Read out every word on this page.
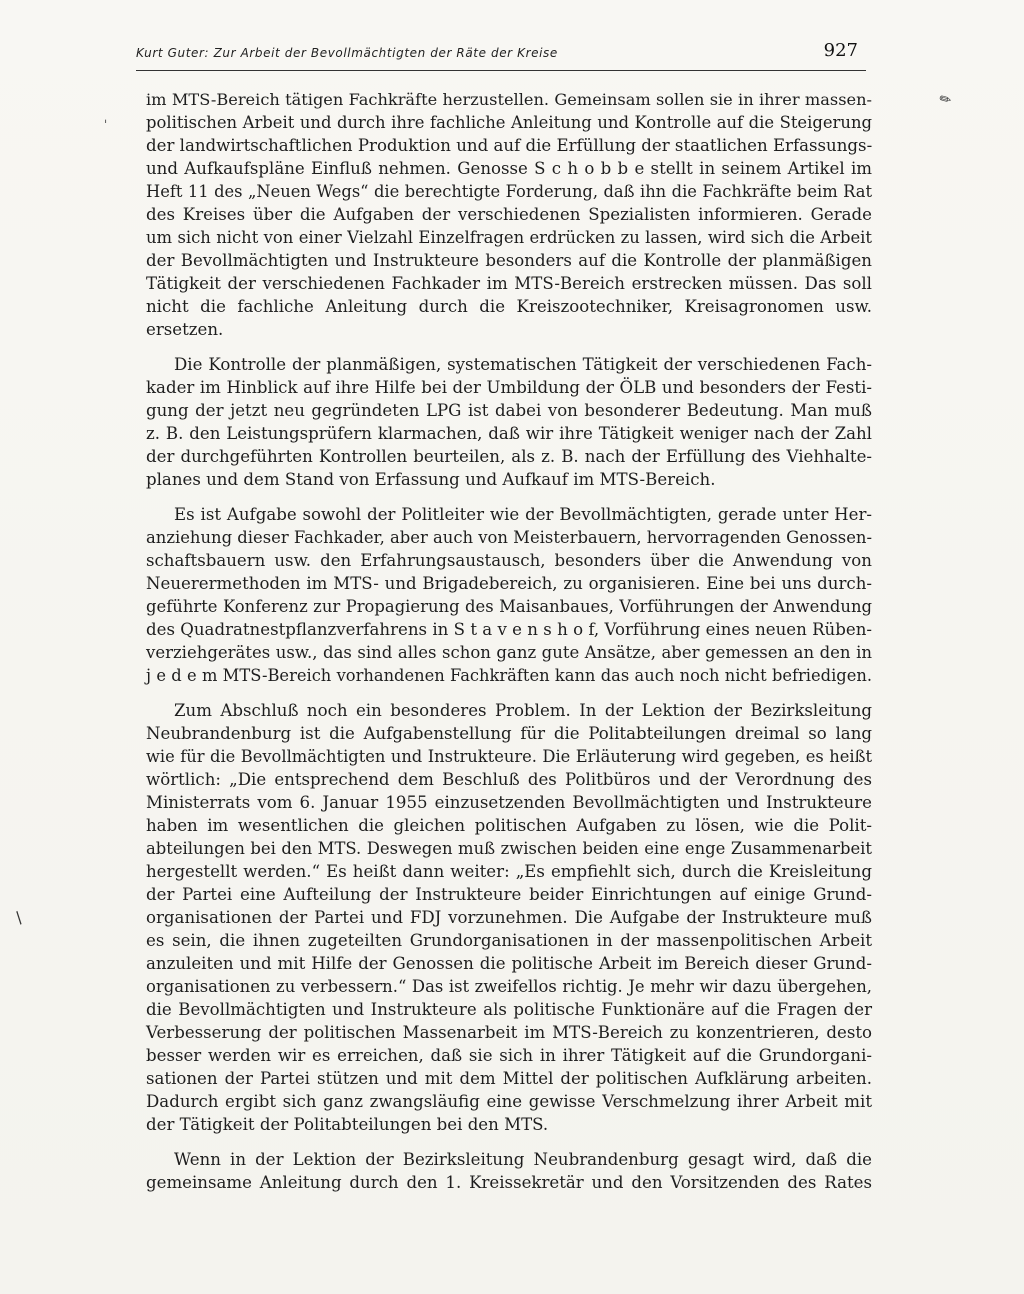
Kurt Guter: Zur Arbeit der Bevollmächtigten der Räte der Kreise	927
✎
ˈ
/

im MTS-Bereich tätigen Fachkräfte herzustellen. Gemeinsam sollen sie in ihrer massen-
politischen Arbeit und durch ihre fachliche Anleitung und Kontrolle auf die Steigerung
der landwirtschaftlichen Produktion und auf die Erfüllung der staatlichen Erfassungs-
und Aufkaufspläne Einfluß nehmen. Genosse S c h o b b e stellt in seinem Artikel im
Heft 11 des „Neuen Wegs“ die berechtigte Forderung, daß ihn die Fachkräfte beim Rat
des Kreises über die Aufgaben der verschiedenen Spezialisten informieren. Gerade
um sich nicht von einer Vielzahl Einzelfragen erdrücken zu lassen, wird sich die Arbeit
der Bevollmächtigten und Instrukteure besonders auf die Kontrolle der planmäßigen
Tätigkeit der verschiedenen Fachkader im MTS-Bereich erstrecken müssen. Das soll
nicht die fachliche Anleitung durch die Kreiszootechniker, Kreisagronomen usw.
ersetzen.

Die Kontrolle der planmäßigen, systematischen Tätigkeit der verschiedenen Fach-
kader im Hinblick auf ihre Hilfe bei der Umbildung der ÖLB und besonders der Festi-
gung der jetzt neu gegründeten LPG ist dabei von besonderer Bedeutung. Man muß
z. B. den Leistungsprüfern klarmachen, daß wir ihre Tätigkeit weniger nach der Zahl
der durchgeführten Kontrollen beurteilen, als z. B. nach der Erfüllung des Viehhalte-
planes und dem Stand von Erfassung und Aufkauf im MTS-Bereich.

Es ist Aufgabe sowohl der Politleiter wie der Bevollmächtigten, gerade unter Her-
anziehung dieser Fachkader, aber auch von Meisterbauern, hervorragenden Genossen-
schaftsbauern usw. den Erfahrungsaustausch, besonders über die Anwendung von
Neuerermethoden im MTS- und Brigadebereich, zu organisieren. Eine bei uns durch-
geführte Konferenz zur Propagierung des Maisanbaues, Vorführungen der Anwendung
des Quadratnestpflanzverfahrens in S t a v e n s h o f, Vorführung eines neuen Rüben-
verziehgerätes usw., das sind alles schon ganz gute Ansätze, aber gemessen an den in
j e d e m MTS-Bereich vorhandenen Fachkräften kann das auch noch nicht befriedigen.

Zum Abschluß noch ein besonderes Problem. In der Lektion der Bezirksleitung
Neubrandenburg ist die Aufgabenstellung für die Politabteilungen dreimal so lang
wie für die Bevollmächtigten und Instrukteure. Die Erläuterung wird gegeben, es heißt
wörtlich: „Die entsprechend dem Beschluß des Politbüros und der Verordnung des
Ministerrats vom 6. Januar 1955 einzusetzenden Bevollmächtigten und Instrukteure
haben im wesentlichen die gleichen politischen Aufgaben zu lösen, wie die Polit-
abteilungen bei den MTS. Deswegen muß zwischen beiden eine enge Zusammenarbeit
hergestellt werden.“ Es heißt dann weiter: „Es empfiehlt sich, durch die Kreisleitung
der Partei eine Aufteilung der Instrukteure beider Einrichtungen auf einige Grund-
organisationen der Partei und FDJ vorzunehmen. Die Aufgabe der Instrukteure muß
es sein, die ihnen zugeteilten Grundorganisationen in der massenpolitischen Arbeit
anzuleiten und mit Hilfe der Genossen die politische Arbeit im Bereich dieser Grund-
organisationen zu verbessern.“ Das ist zweifellos richtig. Je mehr wir dazu übergehen,
die Bevollmächtigten und Instrukteure als politische Funktionäre auf die Fragen der
Verbesserung der politischen Massenarbeit im MTS-Bereich zu konzentrieren, desto
besser werden wir es erreichen, daß sie sich in ihrer Tätigkeit auf die Grundorgani-
sationen der Partei stützen und mit dem Mittel der politischen Aufklärung arbeiten.
Dadurch ergibt sich ganz zwangsläufig eine gewisse Verschmelzung ihrer Arbeit mit
der Tätigkeit der Politabteilungen bei den MTS.

Wenn in der Lektion der Bezirksleitung Neubrandenburg gesagt wird, daß die
gemeinsame Anleitung durch den 1. Kreissekretär und den Vorsitzenden des Rates
